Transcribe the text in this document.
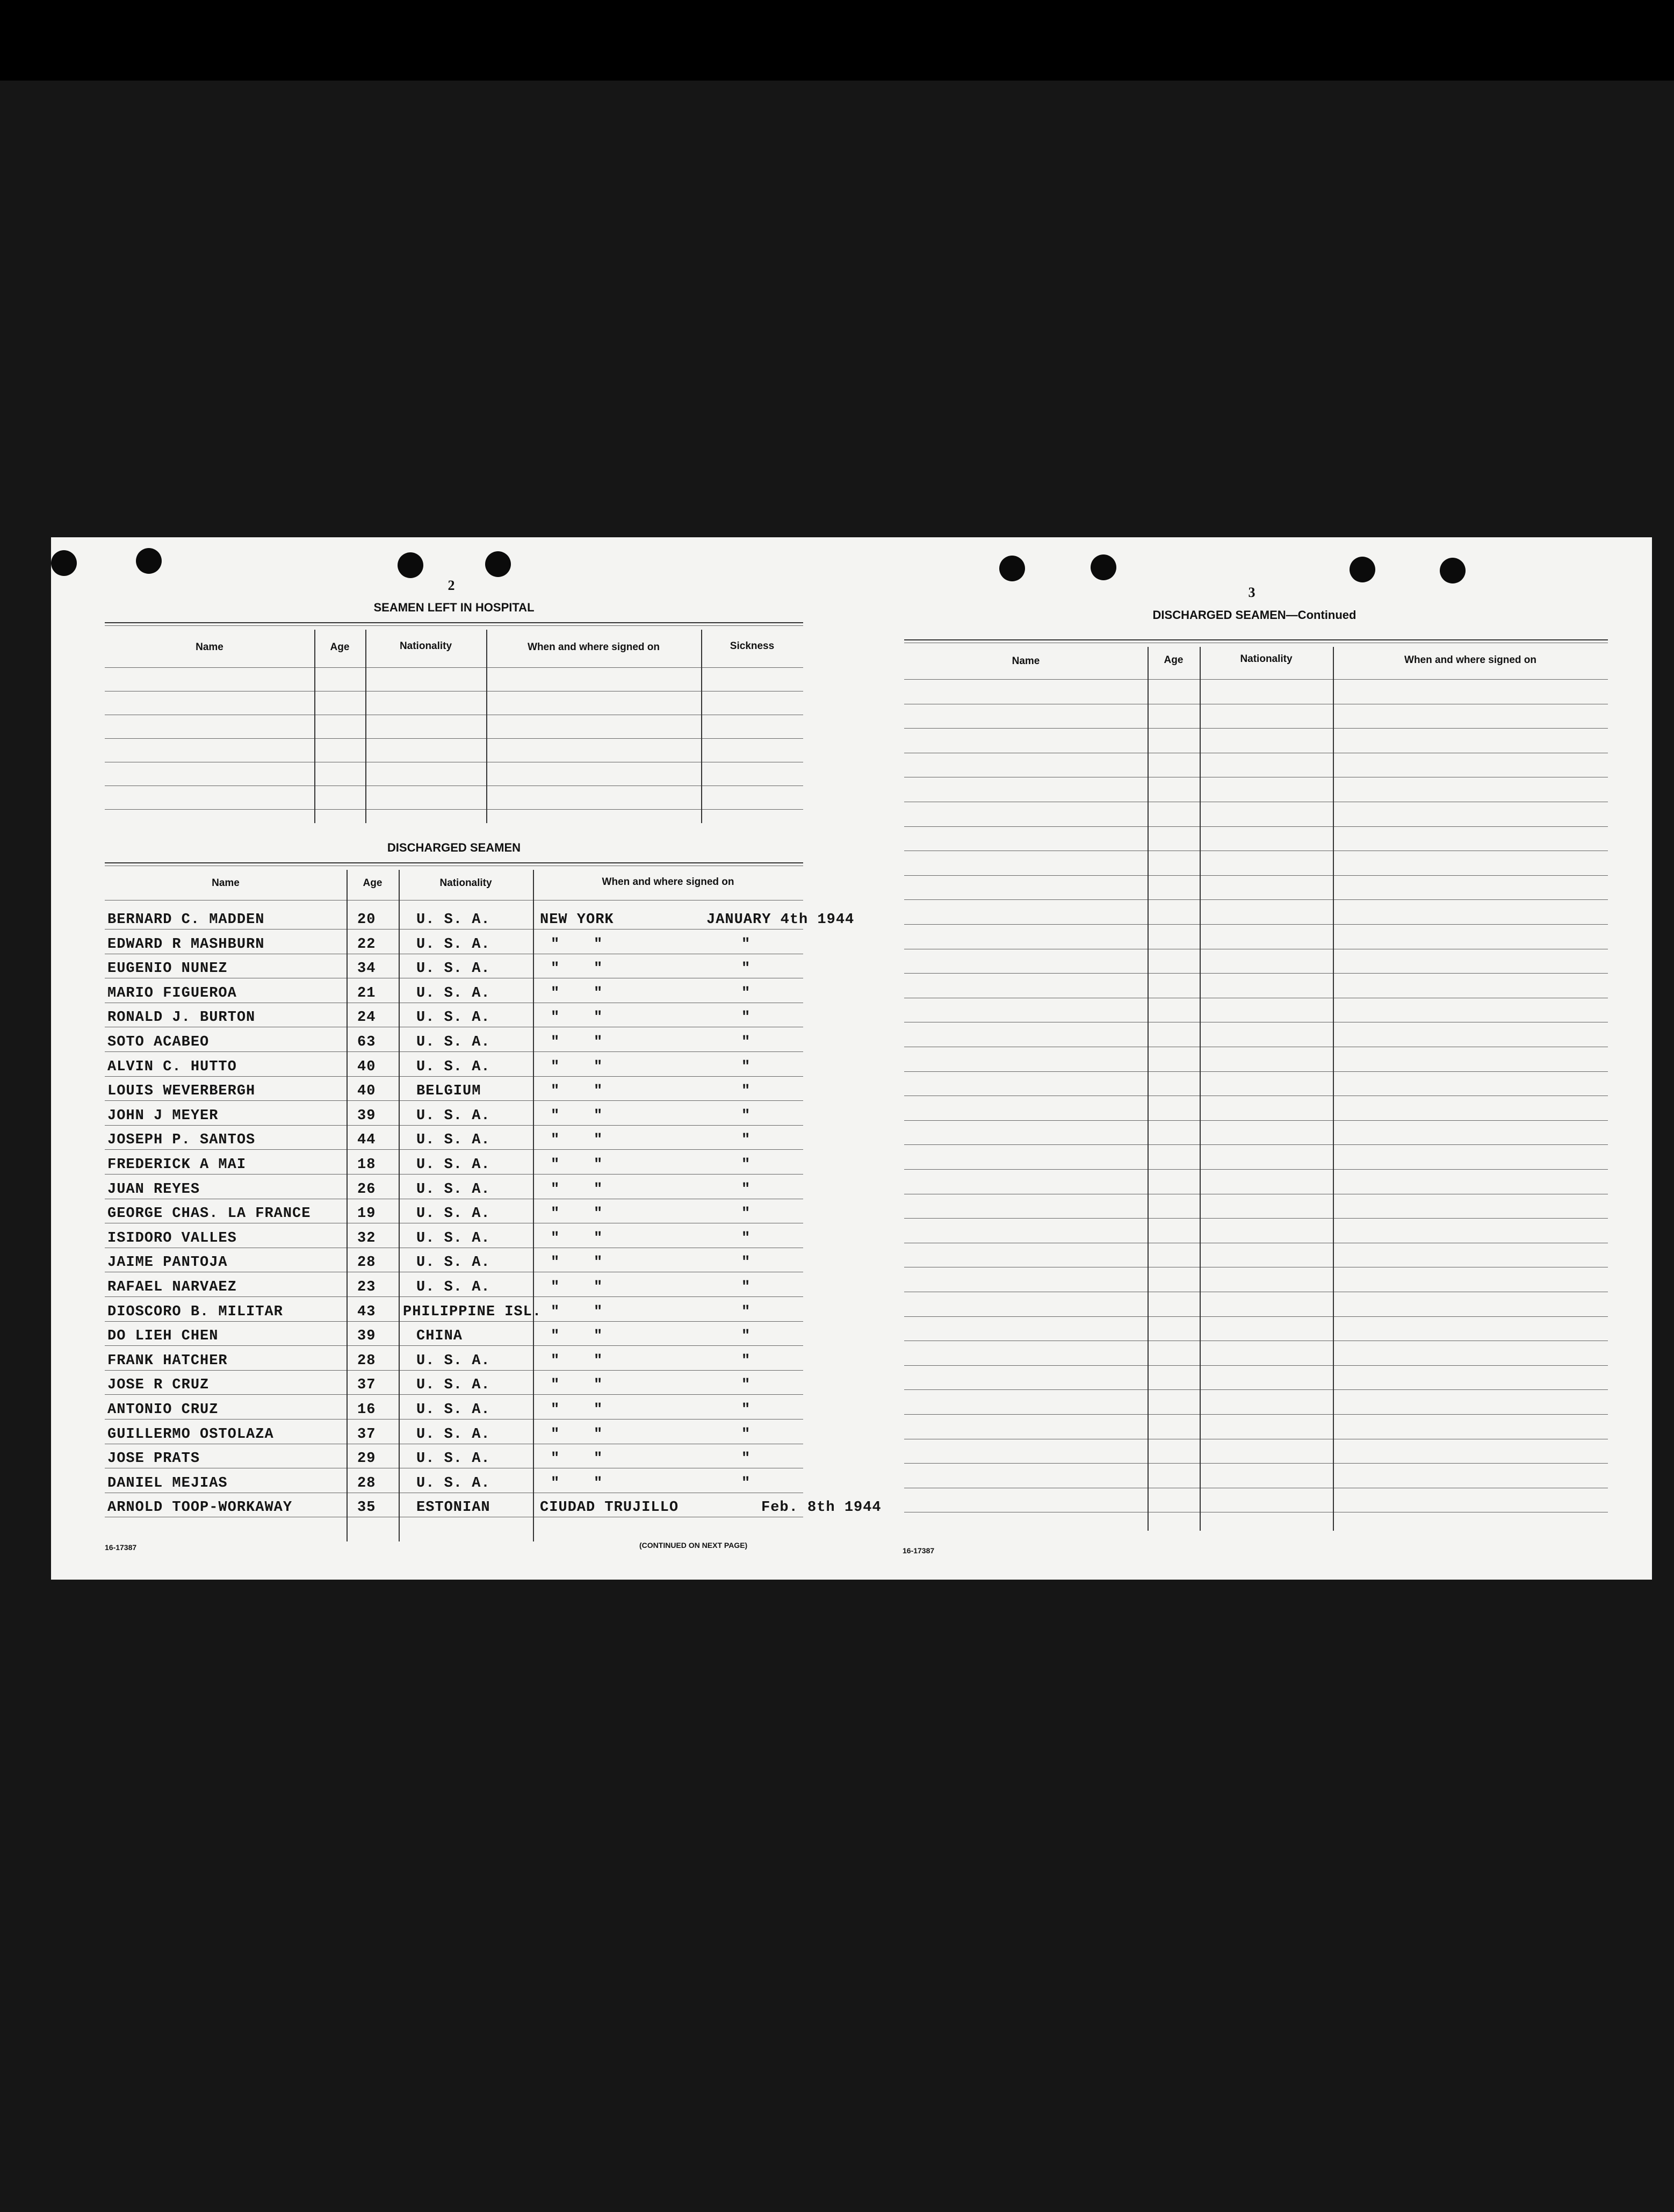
2
SEAMEN LEFT IN HOSPITAL
Name	Age	Nationality	When and where signed on	Sickness
DISCHARGED SEAMEN
Name	Age	Nationality	When and where signed on
BERNARD C. MADDEN	20	U. S. A.	NEW YORK	JANUARY 4th 1944
EDWARD R MASHBURN	22	U. S. A.	" "	"
EUGENIO NUNEZ	34	U. S. A.	" "	"
MARIO FIGUEROA	21	U. S. A.	" "	"
RONALD J. BURTON	24	U. S. A.	" "	"
SOTO ACABEO	63	U. S. A.	" "	"
ALVIN C. HUTTO	40	U. S. A.	" "	"
LOUIS WEVERBERGH	40	BELGIUM	" "	"
JOHN J MEYER	39	U. S. A.	" "	"
JOSEPH P. SANTOS	44	U. S. A.	" "	"
FREDERICK A MAI	18	U. S. A.	" "	"
JUAN REYES	26	U. S. A.	" "	"
GEORGE CHAS. LA FRANCE	19	U. S. A.	" "	"
ISIDORO VALLES	32	U. S. A.	" "	"
JAIME PANTOJA	28	U. S. A.	" "	"
RAFAEL NARVAEZ	23	U. S. A.	" "	"
DIOSCORO B. MILITAR	43 PHILIPPINE ISL. " "	"
DO LIEH CHEN	39	CHINA	" "	"
FRANK HATCHER	28	U. S. A.	" "	"
JOSE R CRUZ	37	U. S. A.	" "	"
ANTONIO CRUZ	16	U. S. A.	" "	"
GUILLERMO OSTOLAZA	37	U. S. A.	" "	"
JOSE PRATS	29	U. S. A.	" "	"
DANIEL MEJIAS	28	U. S. A.	" "	"
ARNOLD TOOP-WORKAWAY	35	ESTONIAN	CIUDAD TRUJILLO	Feb. 8th 1944
16-17387	(CONTINUED ON NEXT PAGE)
3
DISCHARGED SEAMEN—Continued
Name	Age	Nationality	When and where signed on
16-17387
